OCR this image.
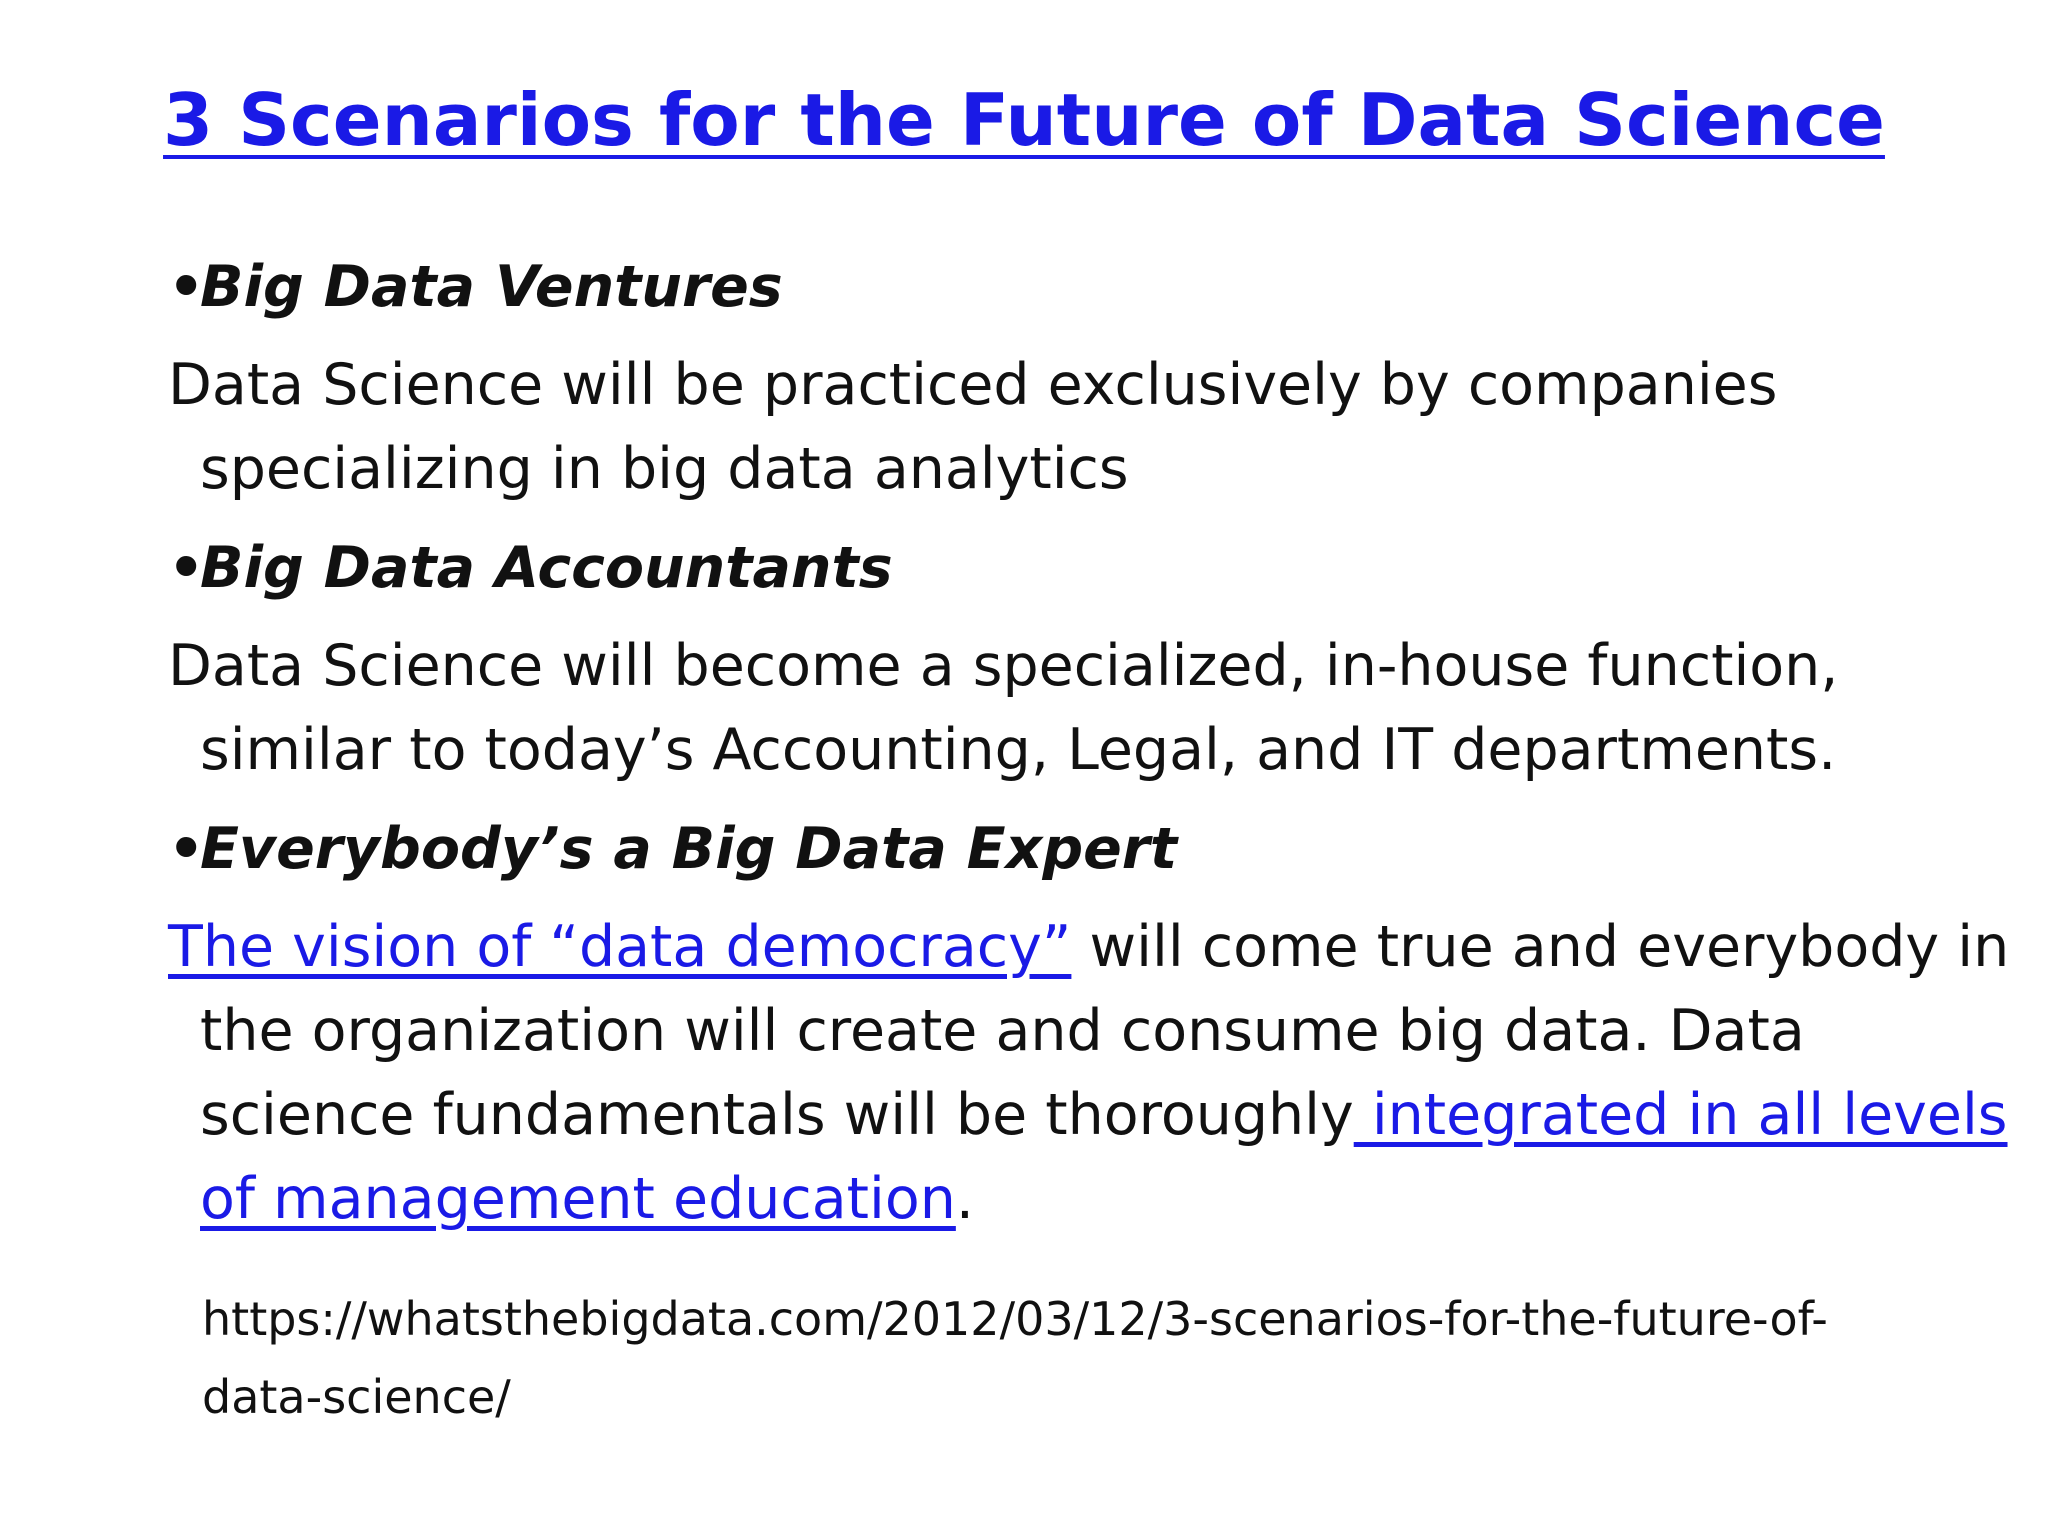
3 Scenarios for the Future of Data Science
•Big Data Ventures
Data Science will be practiced exclusively by companies
specializing in big data analytics
•Big Data Accountants
Data Science will become a specialized, in-house function,
similar to today’s Accounting, Legal, and IT departments.
•Everybody’s a Big Data Expert
The vision of “data democracy” will come true and everybody in
the organization will create and consume big data. Data
science fundamentals will be thoroughly integrated in all levels
of management education.
https://whatsthebigdata.com/2012/03/12/3-scenarios-for-the-future-of-
data-science/
